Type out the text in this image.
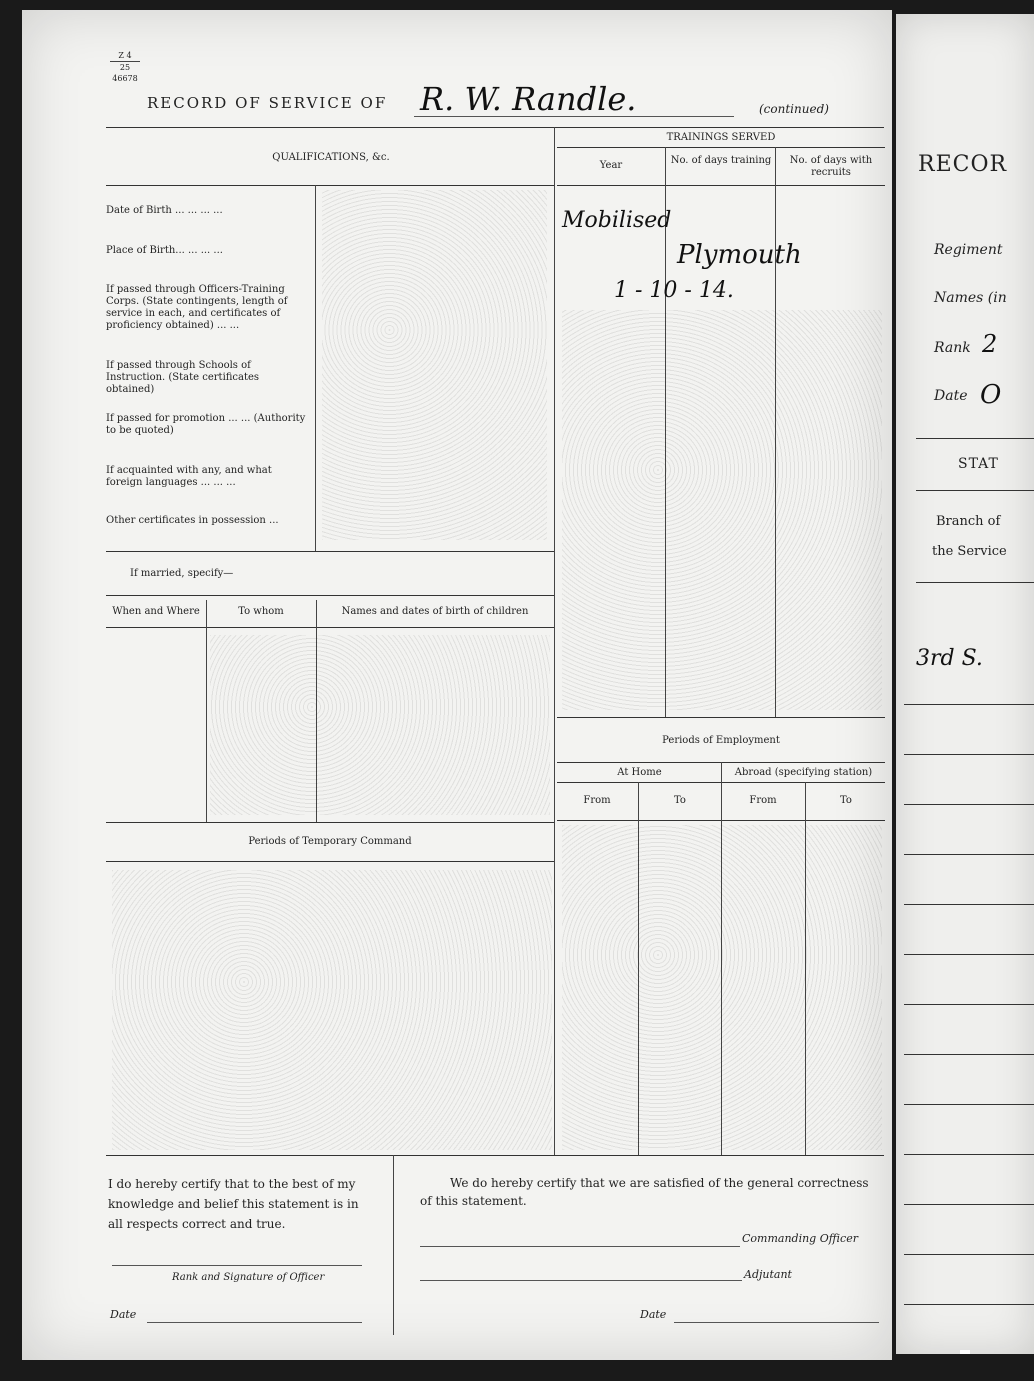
Z 4
25
46678
RECORD OF SERVICE OF R. W. Randle.	(continued)
QUALIFICATIONS, &c.
Date of Birth ... ... ... ...
Place of Birth... ... ... ...
If passed through Officers-Training Corps. (State contingents, length of service in each, and certificates of proficiency obtained) ... ...
If passed through Schools of Instruction. (State certificates obtained)
If passed for promotion ... ... (Authority to be quoted)
If acquainted with any, and what foreign languages ... ... ...
Other certificates in possession ...
If married, specify—
When and Where	To whom	Names and dates of birth of children
Periods of Temporary Command
TRAININGS SERVED
Year	No. of days training	No. of days with recruits
Mobilised
Plymouth
1 - 10 - 14.
Periods of Employment
At Home	Abroad (specifying station)
From	To	From	To
I do hereby certify that to the best of my knowledge and belief this statement is in all respects correct and true.
Rank and Signature of Officer
Date
We do hereby certify that we are satisfied of the general correctness of this statement.
Commanding Officer
Adjutant
Date
RECOR
Regiment
Names (in
Rank 2
Date O
STAT
Branch of
the Service
3rd S.
